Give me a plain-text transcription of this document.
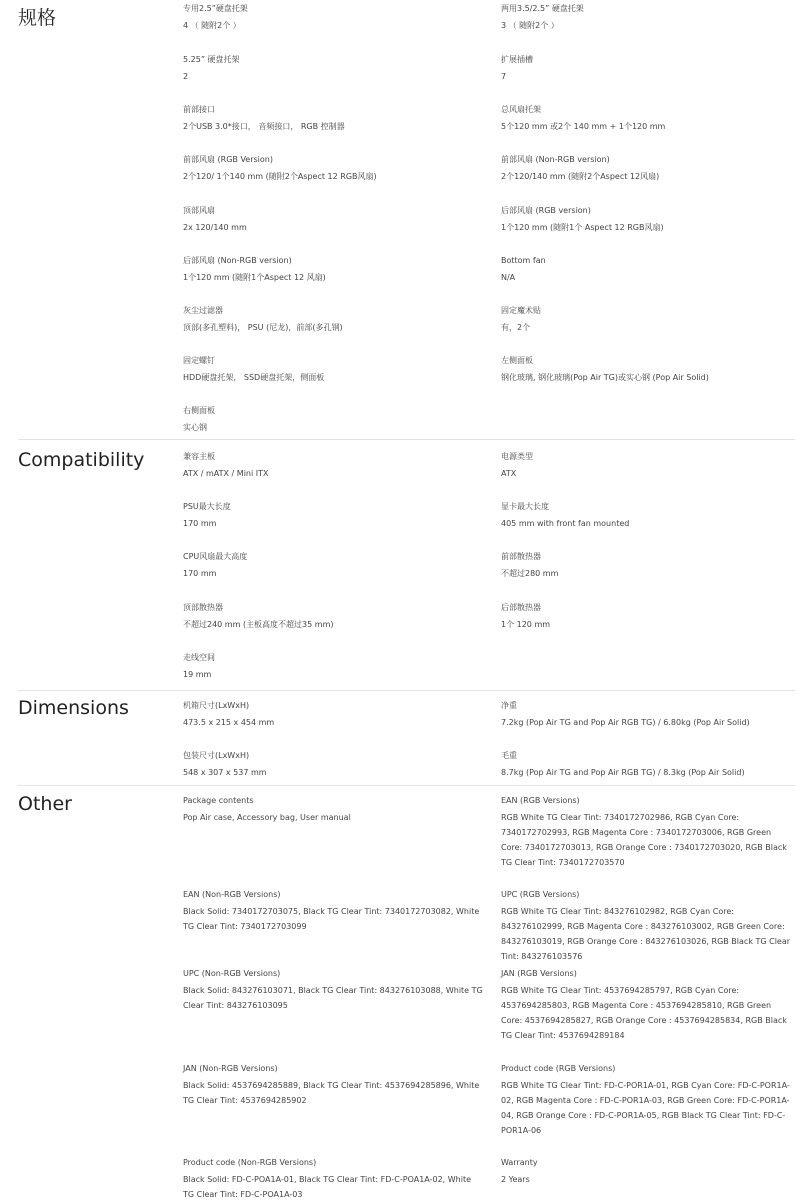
规格	专用2.5”硬盘托架
4 （ 随附2个 ）
两用3.5/2.5” 硬盘托架
3 （ 随附2个 ）
5.25” 硬盘托架
2
扩展插槽
7
前部接口
2个USB 3.0*接口， 音频接口， RGB 控制器
总风扇托架
5个120 mm 或2个 140 mm + 1个120 mm
前部风扇 (RGB Version)
2个120/ 1个140 mm (随附2个Aspect 12 RGB风扇)
前部风扇 (Non-RGB version)
2个120/140 mm (随附2个Aspect 12风扇)
顶部风扇
2x 120/140 mm
后部风扇 (RGB version)
1个120 mm (随附1个 Aspect 12 RGB风扇)
后部风扇 (Non-RGB version)
1个120 mm (随附1个Aspect 12 风扇)
Bottom fan
N/A
灰尘过滤器
顶部(多孔塑料)， PSU (尼龙)，前部(多孔钢)
固定魔术贴
有，2个
固定螺钉
HDD硬盘托架， SSD硬盘托架，侧面板
左侧面板
钢化玻璃, 钢化玻璃(Pop Air TG)或实心钢 (Pop Air Solid)
右侧面板
实心钢
Compatibility	兼容主板
ATX / mATX / Mini ITX
电源类型
ATX
PSU最大长度
170 mm
显卡最大长度
405 mm with front fan mounted
CPU风扇最大高度
170 mm
前部散热器
不超过280 mm
顶部散热器
不超过240 mm (主板高度不超过35 mm)
后部散热器
1个 120 mm
走线空间
19 mm
Dimensions	机箱尺寸(LxWxH)
473.5 x 215 x 454 mm
净重
7.2kg (Pop Air TG and Pop Air RGB TG) / 6.80kg (Pop Air Solid)
包装尺寸(LxWxH)
548 x 307 x 537 mm
毛重
8.7kg (Pop Air TG and Pop Air RGB TG) / 8.3kg (Pop Air Solid)
Other	Package contents
Pop Air case, Accessory bag, User manual
EAN (RGB Versions)
RGB White TG Clear Tint: 7340172702986, RGB Cyan Core: 7340172702993, RGB Magenta Core : 7340172703006, RGB Green Core: 7340172703013, RGB Orange Core : 7340172703020, RGB Black TG Clear Tint: 7340172703570
EAN (Non-RGB Versions)
Black Solid: 7340172703075, Black TG Clear Tint: 7340172703082, White TG Clear Tint: 7340172703099
UPC (RGB Versions)
RGB White TG Clear Tint: 843276102982, RGB Cyan Core: 843276102999, RGB Magenta Core : 843276103002, RGB Green Core: 843276103019, RGB Orange Core : 843276103026, RGB Black TG Clear Tint: 843276103576
UPC (Non-RGB Versions)
Black Solid: 843276103071, Black TG Clear Tint: 843276103088, White TG Clear Tint: 843276103095
JAN (RGB Versions)
RGB White TG Clear Tint: 4537694285797, RGB Cyan Core: 4537694285803, RGB Magenta Core : 4537694285810, RGB Green Core: 4537694285827, RGB Orange Core : 4537694285834, RGB Black TG Clear Tint: 4537694289184
JAN (Non-RGB Versions)
Black Solid: 4537694285889, Black TG Clear Tint: 4537694285896, White TG Clear Tint: 4537694285902
Product code (RGB Versions)
RGB White TG Clear Tint: FD-C-POR1A-01, RGB Cyan Core: FD-C-POR1A-02, RGB Magenta Core : FD-C-POR1A-03, RGB Green Core: FD-C-POR1A-04, RGB Orange Core : FD-C-POR1A-05, RGB Black TG Clear Tint: FD-C-POR1A-06
Product code (Non-RGB Versions)
Black Solid: FD-C-POA1A-01, Black TG Clear Tint: FD-C-POA1A-02, White TG Clear Tint: FD-C-POA1A-03
Warranty
2 Years
